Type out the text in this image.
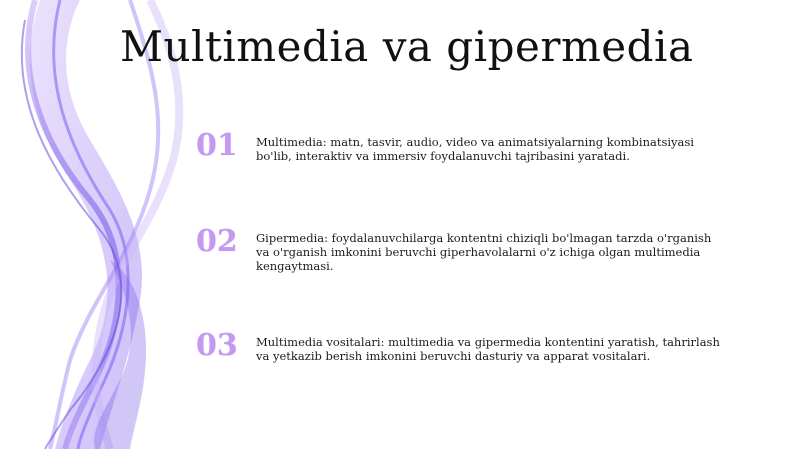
Multimedia va gipermedia
01	Multimedia: matn, tasvir, audio, video va animatsiyalarning kombinatsiyasi bo'lib, interaktiv va immersiv foydalanuvchi tajribasini yaratadi.
02	Gipermedia: foydalanuvchilarga kontentni chiziqli bo'lmagan tarzda o'rganish va o'rganish imkonini beruvchi giperhavolalarni o'z ichiga olgan multimedia kengaytmasi.
03	Multimedia vositalari: multimedia va gipermedia kontentini yaratish, tahrirlash va yetkazib berish imkonini beruvchi dasturiy va apparat vositalari.
